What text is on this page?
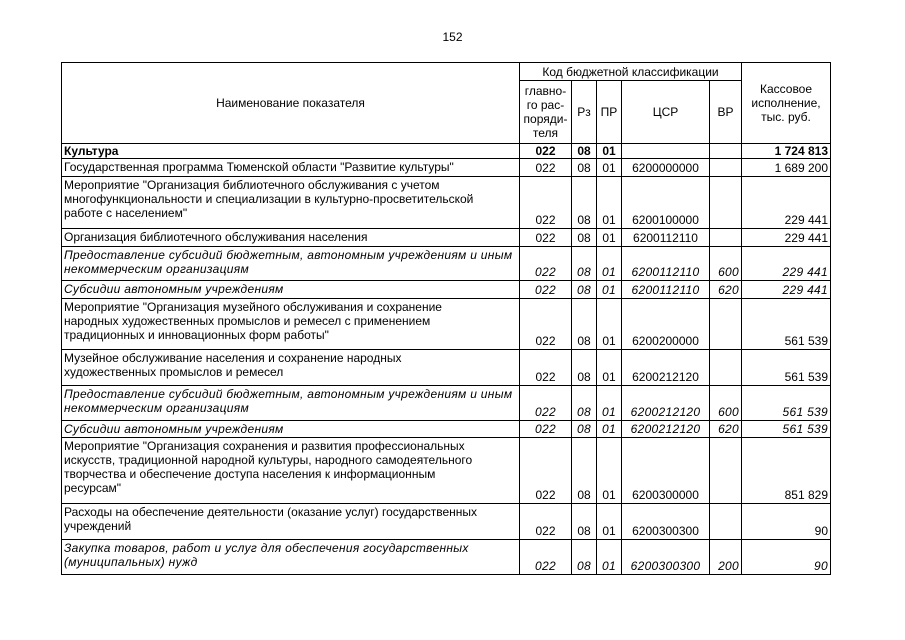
152
Наименование показателя	Код бюджетной классификации					Кассовое
исполнение,
тыс. руб.
	главно-
го рас-
поряди-
теля	Рз	ПР	ЦСР	ВР	
Культура	022	08	01			1 724 813
Государственная программа Тюменской области "Развитие культуры"	022	08	01	6200000000		1 689 200
Мероприятие "Организация библиотечного обслуживания с учетом
многофункциональности и специализации в культурно-просветительской
работе с населением"	022	08	01	6200100000		229 441
Организация библиотечного обслуживания населения	022	08	01	6200112110		229 441
Предоставление субсидий бюджетным, автономным учреждениям и иным
некоммерческим организациям	022	08	01	6200112110	600	229 441
Субсидии автономным учреждениям	022	08	01	6200112110	620	229 441
Мероприятие "Организация музейного обслуживания и сохранение
народных художественных промыслов и ремесел с применением
традиционных и инновационных форм работы"	022	08	01	6200200000		561 539
Музейное обслуживание населения и сохранение народных
художественных промыслов и ремесел	022	08	01	6200212120		561 539
Предоставление субсидий бюджетным, автономным учреждениям и иным
некоммерческим организациям	022	08	01	6200212120	600	561 539
Субсидии автономным учреждениям	022	08	01	6200212120	620	561 539
Мероприятие "Организация сохранения и развития профессиональных
искусств, традиционной народной культуры, народного самодеятельного
творчества и обеспечение доступа населения к информационным
ресурсам"	022	08	01	6200300000		851 829
Расходы на обеспечение деятельности (оказание услуг) государственных
учреждений	022	08	01	6200300300		90
Закупка товаров, работ и услуг для обеспечения государственных
(муниципальных) нужд	022	08	01	6200300300	200	90
